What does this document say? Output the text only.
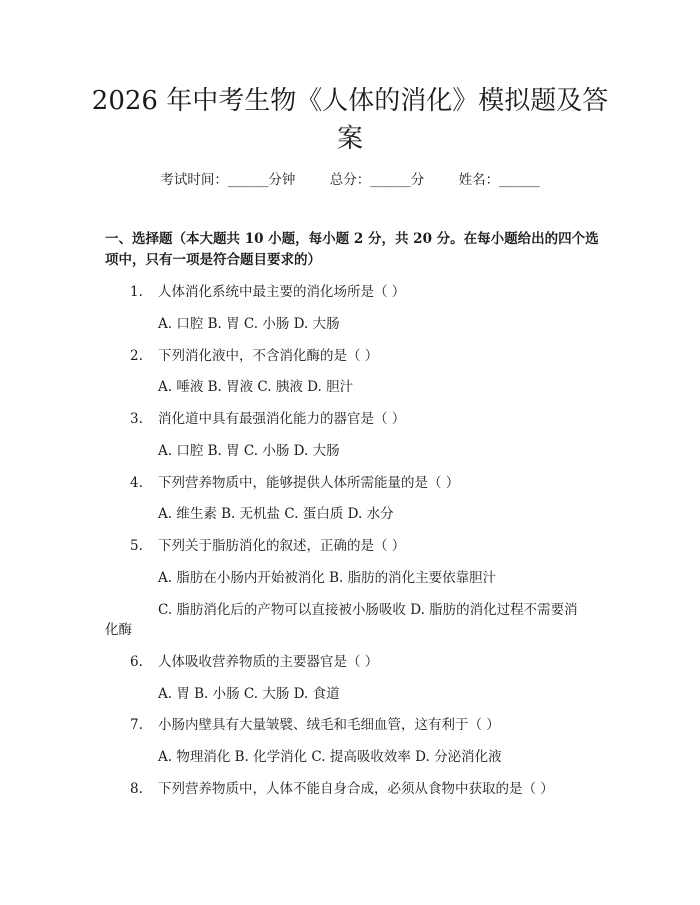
2026 年中考生物《人体的消化》模拟题及答
案
考试时间：______分钟	总分：______分	姓名：______
一、选择题（本大题共 10 小题，每小题 2 分，共 20 分。在每小题给出的四个选项中，只有一项是符合题目要求的）
1. 人体消化系统中最主要的消化场所是（ ）
A. 口腔 B. 胃 C. 小肠 D. 大肠
2. 下列消化液中，不含消化酶的是（ ）
A. 唾液 B. 胃液 C. 胰液 D. 胆汁
3. 消化道中具有最强消化能力的器官是（ ）
A. 口腔 B. 胃 C. 小肠 D. 大肠
4. 下列营养物质中，能够提供人体所需能量的是（ ）
A. 维生素 B. 无机盐 C. 蛋白质 D. 水分
5. 下列关于脂肪消化的叙述，正确的是（ ）
A. 脂肪在小肠内开始被消化 B. 脂肪的消化主要依靠胆汁
C. 脂肪消化后的产物可以直接被小肠吸收 D. 脂肪的消化过程不需要消
化酶
6. 人体吸收营养物质的主要器官是（ ）
A. 胃 B. 小肠 C. 大肠 D. 食道
7. 小肠内壁具有大量皱襞、绒毛和毛细血管，这有利于（ ）
A. 物理消化 B. 化学消化 C. 提高吸收效率 D. 分泌消化液
8. 下列营养物质中，人体不能自身合成，必须从食物中获取的是（ ）
